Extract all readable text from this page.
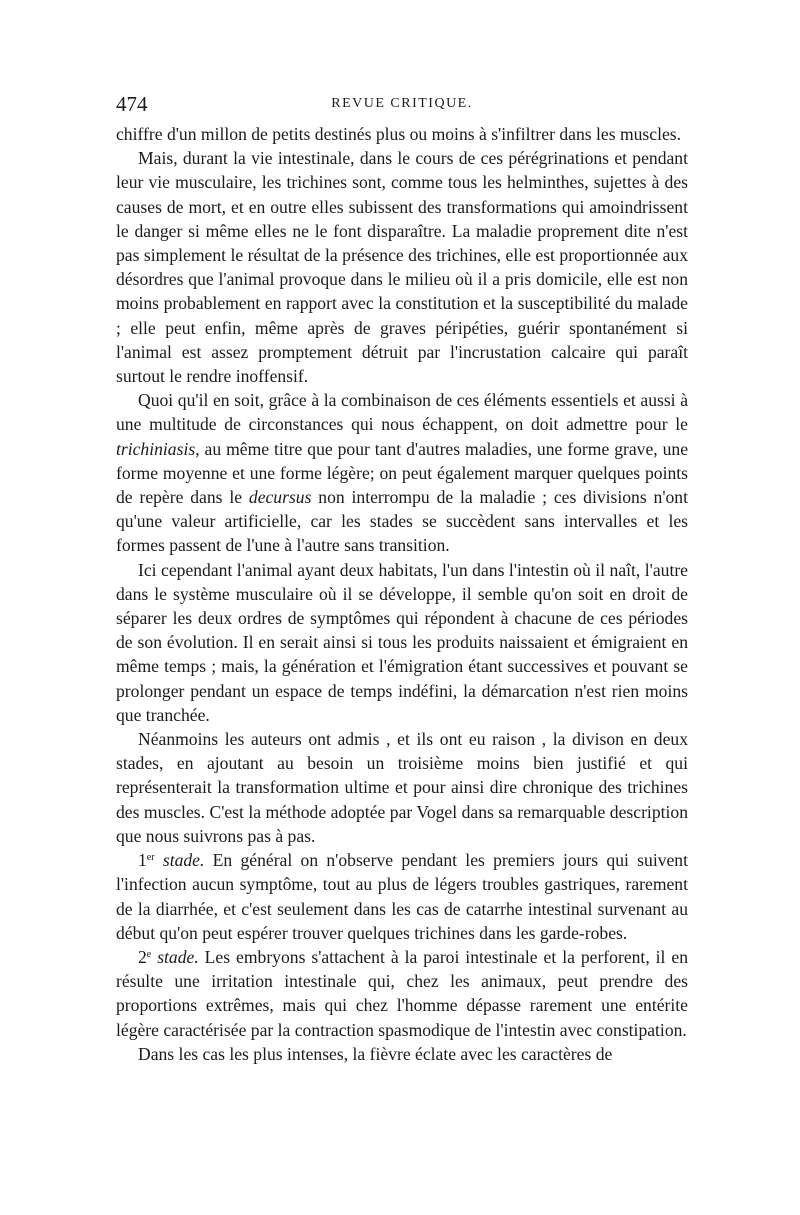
474	REVUE CRITIQUE.

chiffre d'un millon de petits destinés plus ou moins à s'infiltrer dans les muscles.

Mais, durant la vie intestinale, dans le cours de ces pérégrinations et pendant leur vie musculaire, les trichines sont, comme tous les helminthes, sujettes à des causes de mort, et en outre elles subissent des transformations qui amoindrissent le danger si même elles ne le font disparaître. La maladie proprement dite n'est pas simplement le résultat de la présence des trichines, elle est proportionnée aux désordres que l'animal provoque dans le milieu où il a pris domicile, elle est non moins probablement en rapport avec la constitution et la susceptibilité du malade ; elle peut enfin, même après de graves péripéties, guérir spontanément si l'animal est assez promptement détruit par l'incrustation calcaire qui paraît surtout le rendre inoffensif.

Quoi qu'il en soit, grâce à la combinaison de ces éléments essentiels et aussi à une multitude de circonstances qui nous échappent, on doit admettre pour le trichiniasis, au même titre que pour tant d'autres maladies, une forme grave, une forme moyenne et une forme légère; on peut également marquer quelques points de repère dans le decursus non interrompu de la maladie ; ces divisions n'ont qu'une valeur artificielle, car les stades se succèdent sans intervalles et les formes passent de l'une à l'autre sans transition.

Ici cependant l'animal ayant deux habitats, l'un dans l'intestin où il naît, l'autre dans le système musculaire où il se développe, il semble qu'on soit en droit de séparer les deux ordres de symptômes qui répondent à chacune de ces périodes de son évolution. Il en serait ainsi si tous les produits naissaient et émigraient en même temps ; mais, la génération et l'émigration étant successives et pouvant se prolonger pendant un espace de temps indéfini, la démarcation n'est rien moins que tranchée.

Néanmoins les auteurs ont admis , et ils ont eu raison , la divison en deux stades, en ajoutant au besoin un troisième moins bien justifié et qui représenterait la transformation ultime et pour ainsi dire chronique des trichines des muscles. C'est la méthode adoptée par Vogel dans sa remarquable description que nous suivrons pas à pas.

1er stade. En général on n'observe pendant les premiers jours qui suivent l'infection aucun symptôme, tout au plus de légers troubles gastriques, rarement de la diarrhée, et c'est seulement dans les cas de catarrhe intestinal survenant au début qu'on peut espérer trouver quelques trichines dans les garde-robes.

2e stade. Les embryons s'attachent à la paroi intestinale et la perforent, il en résulte une irritation intestinale qui, chez les animaux, peut prendre des proportions extrêmes, mais qui chez l'homme dépasse rarement une entérite légère caractérisée par la contraction spasmodique de l'intestin avec constipation.

Dans les cas les plus intenses, la fièvre éclate avec les caractères de
